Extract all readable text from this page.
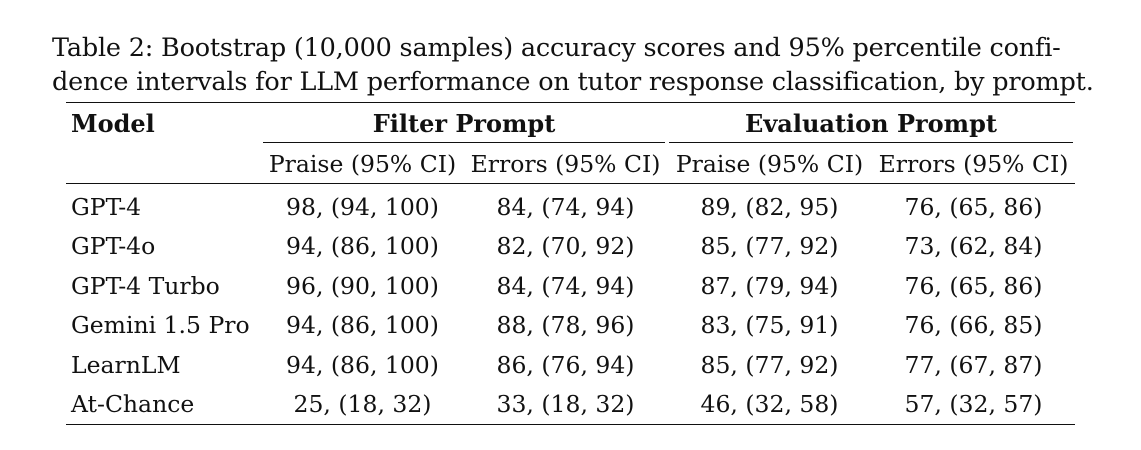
Table 2: Bootstrap (10,000 samples) accuracy scores and 95% percentile confi-
dence intervals for LLM performance on tutor response classification, by prompt.
Model	Filter Prompt		Evaluation Prompt	

	Praise (95% CI)	Errors (95% CI)	Praise (95% CI)	Errors (95% CI)
GPT-4	98, (94, 100)	84, (74, 94)	89, (82, 95)	76, (65, 86)
GPT-4o	94, (86, 100)	82, (70, 92)	85, (77, 92)	73, (62, 84)
GPT-4 Turbo	96, (90, 100)	84, (74, 94)	87, (79, 94)	76, (65, 86)
Gemini 1.5 Pro	94, (86, 100)	88, (78, 96)	83, (75, 91)	76, (66, 85)
LearnLM	94, (86, 100)	86, (76, 94)	85, (77, 92)	77, (67, 87)
At-Chance	25, (18, 32)	33, (18, 32)	46, (32, 58)	57, (32, 57)
